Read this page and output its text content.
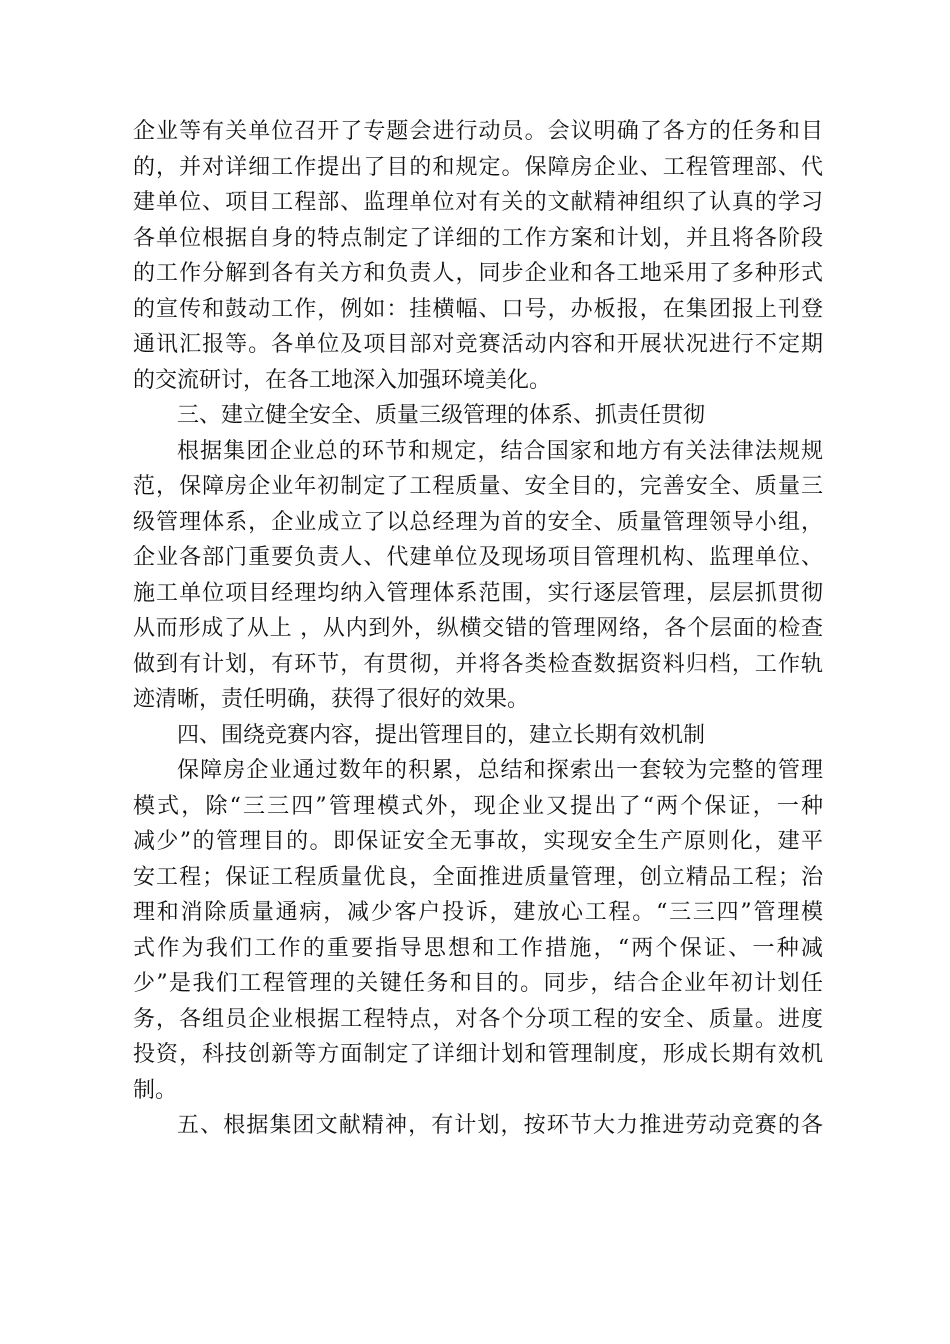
企业等有关单位召开了专题会进行动员。会议明确了各方的任务和目
的，并对详细工作提出了目的和规定。保障房企业、工程管理部、代
建单位、项目工程部、监理单位对有关的文献精神组织了认真的学习
各单位根据自身的特点制定了详细的工作方案和计划，并且将各阶段
的工作分解到各有关方和负责人，同步企业和各工地采用了多种形式
的宣传和鼓动工作，例如：挂横幅、口号，办板报，在集团报上刊登
通讯汇报等。各单位及项目部对竞赛活动内容和开展状况进行不定期
的交流研讨，在各工地深入加强环境美化。
三、建立健全安全、质量三级管理的体系、抓责任贯彻
根据集团企业总的环节和规定，结合国家和地方有关法律法规规
范，保障房企业年初制定了工程质量、安全目的，完善安全、质量三
级管理体系，企业成立了以总经理为首的安全、质量管理领导小组，
企业各部门重要负责人、代建单位及现场项目管理机构、监理单位、
施工单位项目经理均纳入管理体系范围，实行逐层管理，层层抓贯彻
从而形成了从上 ，从内到外，纵横交错的管理网络，各个层面的检查
做到有计划，有环节，有贯彻，并将各类检查数据资料归档，工作轨
迹清晰，责任明确，获得了很好的效果。
四、围绕竞赛内容，提出管理目的，建立长期有效机制
保障房企业通过数年的积累，总结和探索出一套较为完整的管理
模式，除“三三四”管理模式外，现企业又提出了“两个保证，一种
减少”的管理目的。即保证安全无事故，实现安全生产原则化，建平
安工程；保证工程质量优良，全面推进质量管理，创立精品工程；治
理和消除质量通病，减少客户投诉，建放心工程。“三三四”管理模
式作为我们工作的重要指导思想和工作措施，“两个保证、一种减
少”是我们工程管理的关键任务和目的。同步，结合企业年初计划任
务，各组员企业根据工程特点，对各个分项工程的安全、质量。进度
投资，科技创新等方面制定了详细计划和管理制度，形成长期有效机
制。
五、根据集团文献精神，有计划，按环节大力推进劳动竞赛的各
